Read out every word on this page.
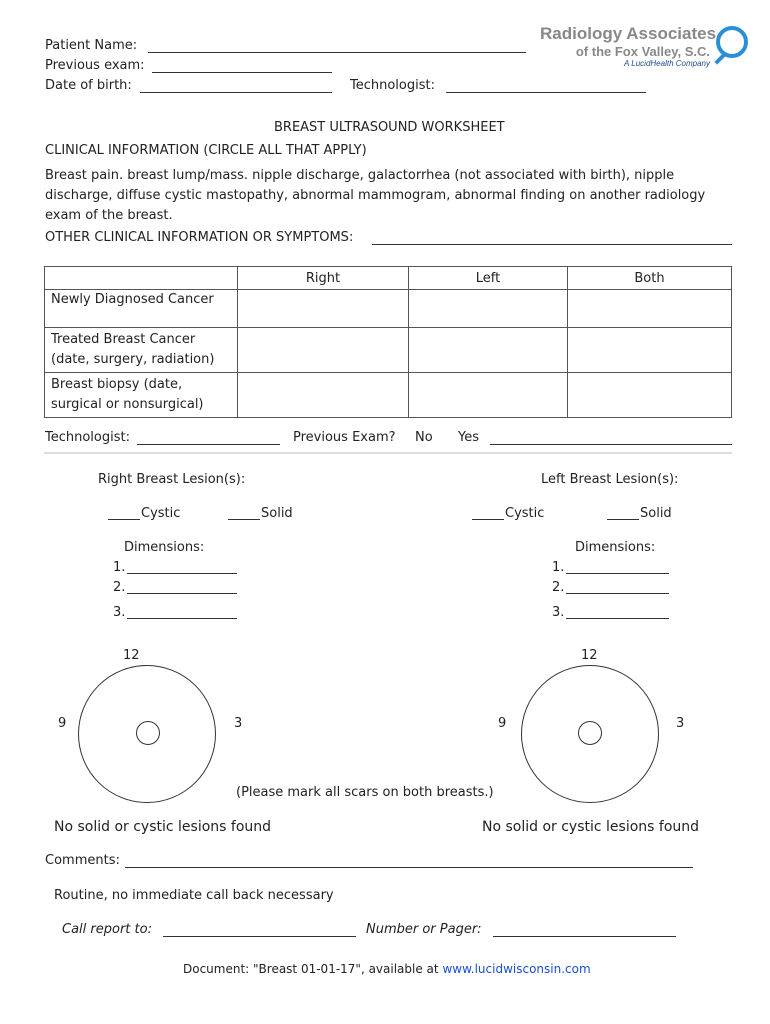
Radiology Associates
of the Fox Valley, S.C.
A LucidHealth Company
Patient Name:
Previous exam:
Date of birth:	Technologist:
BREAST ULTRASOUND WORKSHEET
CLINICAL INFORMATION (CIRCLE ALL THAT APPLY)
Breast pain. breast lump/mass. nipple discharge, galactorrhea (not associated with birth), nipple discharge, diffuse cystic mastopathy, abnormal mammogram, abnormal finding on another radiology exam of the breast.
OTHER CLINICAL INFORMATION OR SYMPTOMS:
	Right	Left	Both
Newly Diagnosed Cancer			
Treated Breast Cancer (date, surgery, radiation)			
Breast biopsy (date, surgical or nonsurgical)			
Technologist:	Previous Exam? No Yes
Right Breast Lesion(s):
Cystic	Solid
Dimensions:
1.
2.
3.
12
9	3
No solid or cystic lesions found
Left Breast Lesion(s):
Cystic	Solid
Dimensions:
1.
2.
3.
12
9	3
No solid or cystic lesions found
(Please mark all scars on both breasts.)
Comments:
Routine, no immediate call back necessary
Call report to:	Number or Pager:
Document: "Breast 01-01-17", available at www.lucidwisconsin.com
